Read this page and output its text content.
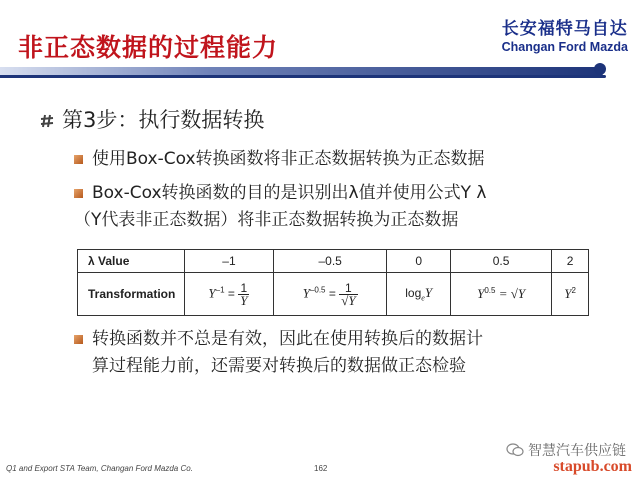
非正态数据的过程能力
长安福特马自达
Changan Ford Mazda
第3步：执行数据转换
使用Box-Cox转换函数将非正态数据转换为正态数据
Box-Cox转换函数的目的是识别出λ值并使用公式Y λ
（Y代表非正态数据）将非正态数据转换为正态数据
λ Value	–1	–0.5	0	0.5	2
Transformation	$Y^{-1} = \frac{1}{Y}$	$Y^{-0.5} = \frac{1}{√Y}$	$\log_eY$	$Y^{0.5} = √Y$	$Y^2$
转换函数并不总是有效，因此在使用转换后的数据计
算过程能力前，还需要对转换后的数据做正态检验
Q1 and Export STA Team, Changan Ford Mazda Co.	162
智慧汽车供应链
stapub.com
